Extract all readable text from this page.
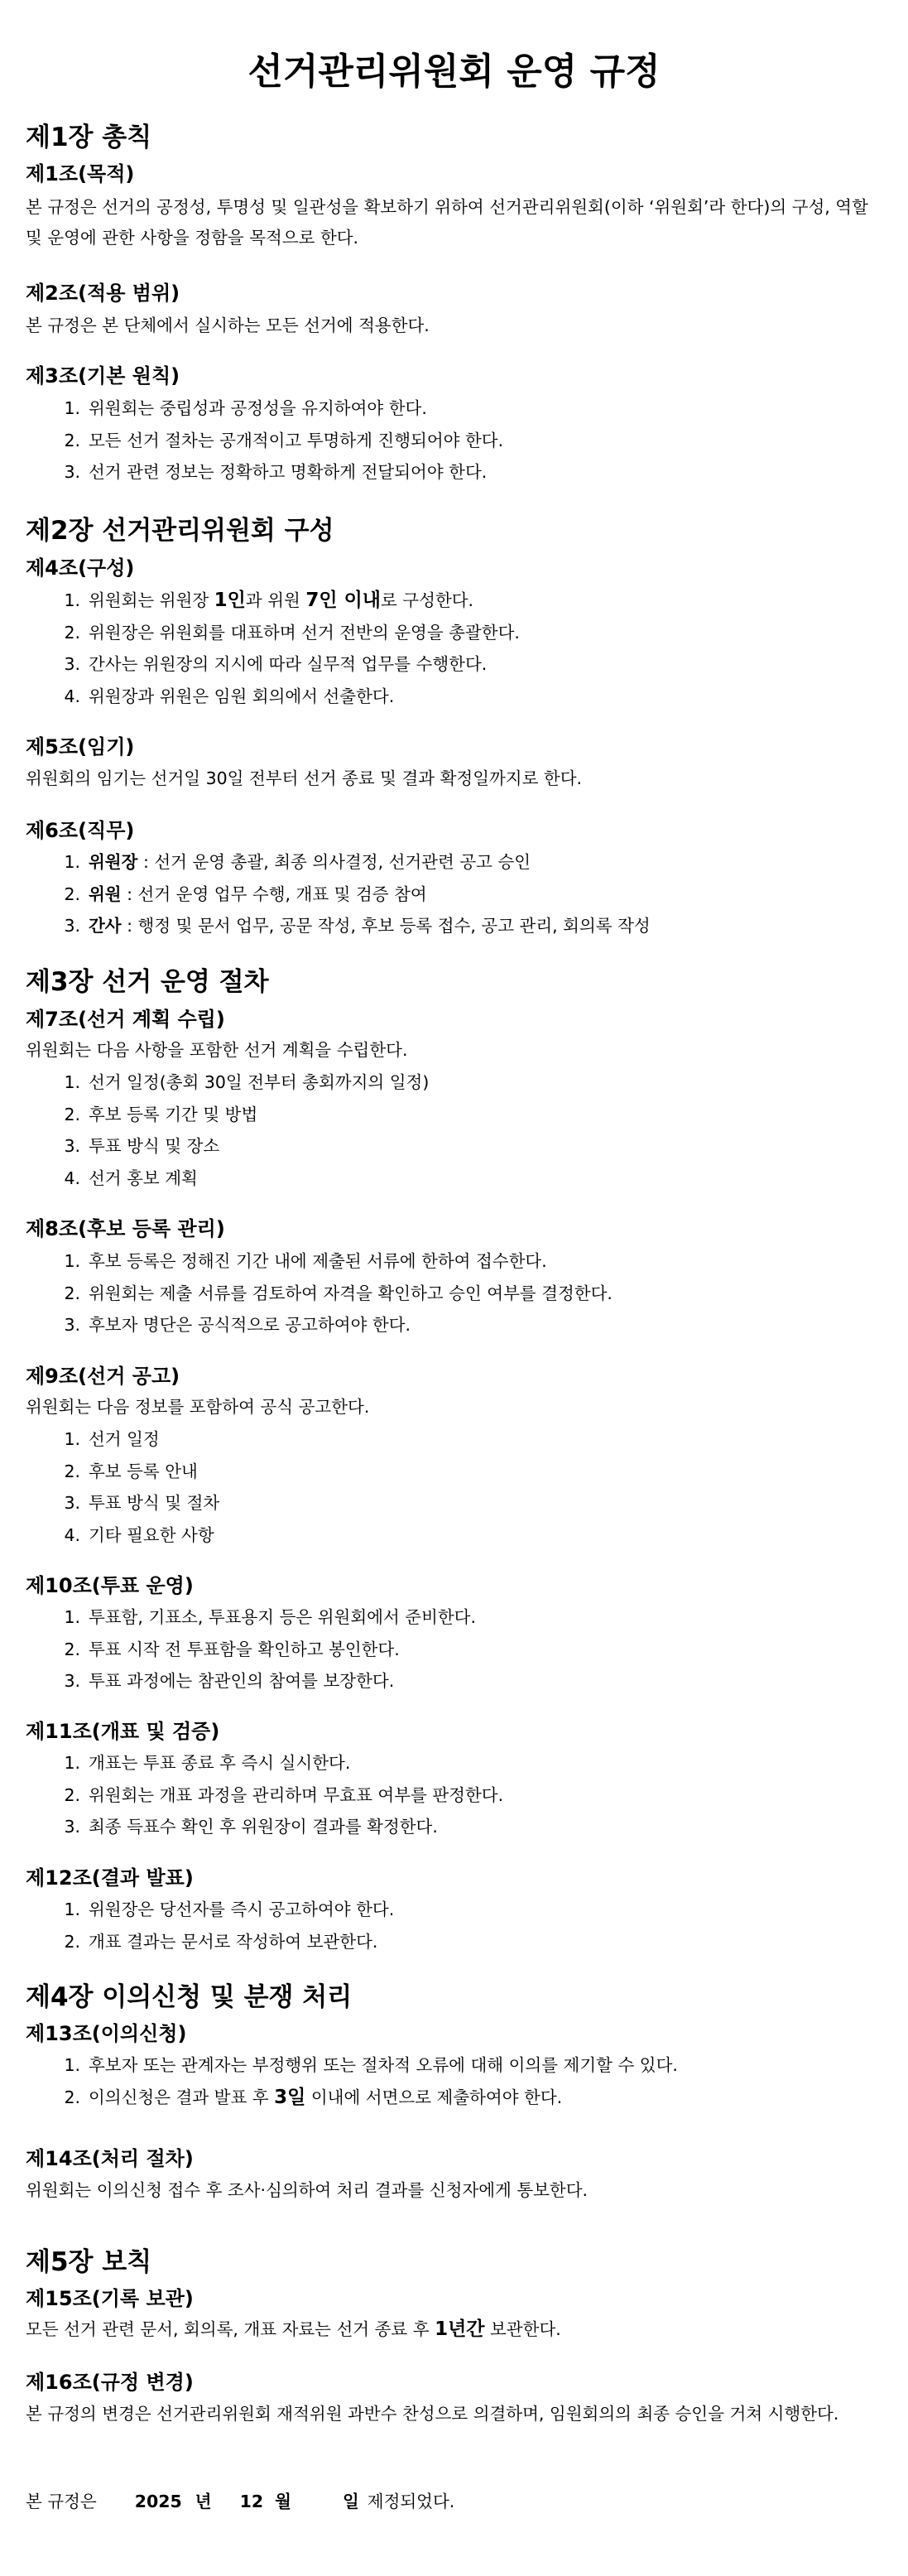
선거관리위원회 운영 규정
제1장 총칙
제1조(목적)

본 규정은 선거의 공정성, 투명성 및 일관성을 확보하기 위하여 선거관리위원회(이하 ‘위원회’라 한다)의 구성, 역할 및 운영에 관한 사항을 정함을 목적으로 한다.

제2조(적용 범위)

본 규정은 본 단체에서 실시하는 모든 선거에 적용한다.

제3조(기본 원칙)
1. 위원회는 중립성과 공정성을 유지하여야 한다.
2. 모든 선거 절차는 공개적이고 투명하게 진행되어야 한다.
3. 선거 관련 정보는 정확하고 명확하게 전달되어야 한다.
제2장 선거관리위원회 구성
제4조(구성)
1. 위원회는 위원장 1인과 위원 7인 이내로 구성한다.
2. 위원장은 위원회를 대표하며 선거 전반의 운영을 총괄한다.
3. 간사는 위원장의 지시에 따라 실무적 업무를 수행한다.
4. 위원장과 위원은 임원 회의에서 선출한다.
제5조(임기)

위원회의 임기는 선거일 30일 전부터 선거 종료 및 결과 확정일까지로 한다.

제6조(직무)
1. 위원장 : 선거 운영 총괄, 최종 의사결정, 선거관련 공고 승인
2. 위원 : 선거 운영 업무 수행, 개표 및 검증 참여
3. 간사 : 행정 및 문서 업무, 공문 작성, 후보 등록 접수, 공고 관리, 회의록 작성
제3장 선거 운영 절차
제7조(선거 계획 수립)

위원회는 다음 사항을 포함한 선거 계획을 수립한다.

1. 선거 일정(총회 30일 전부터 총회까지의 일정)
2. 후보 등록 기간 및 방법
3. 투표 방식 및 장소
4. 선거 홍보 계획
제8조(후보 등록 관리)
1. 후보 등록은 정해진 기간 내에 제출된 서류에 한하여 접수한다.
2. 위원회는 제출 서류를 검토하여 자격을 확인하고 승인 여부를 결정한다.
3. 후보자 명단은 공식적으로 공고하여야 한다.
제9조(선거 공고)

위원회는 다음 정보를 포함하여 공식 공고한다.

1. 선거 일정
2. 후보 등록 안내
3. 투표 방식 및 절차
4. 기타 필요한 사항
제10조(투표 운영)
1. 투표함, 기표소, 투표용지 등은 위원회에서 준비한다.
2. 투표 시작 전 투표함을 확인하고 봉인한다.
3. 투표 과정에는 참관인의 참여를 보장한다.
제11조(개표 및 검증)
1. 개표는 투표 종료 후 즉시 실시한다.
2. 위원회는 개표 과정을 관리하며 무효표 여부를 판정한다.
3. 최종 득표수 확인 후 위원장이 결과를 확정한다.
제12조(결과 발표)
1. 위원장은 당선자를 즉시 공고하여야 한다.
2. 개표 결과는 문서로 작성하여 보관한다.
제4장 이의신청 및 분쟁 처리
제13조(이의신청)
1. 후보자 또는 관계자는 부정행위 또는 절차적 오류에 대해 이의를 제기할 수 있다.
2. 이의신청은 결과 발표 후 3일 이내에 서면으로 제출하여야 한다.
제14조(처리 절차)

위원회는 이의신청 접수 후 조사·심의하여 처리 결과를 신청자에게 통보한다.

제5장 보칙
제15조(기록 보관)

모든 선거 관련 문서, 회의록, 개표 자료는 선거 종료 후 1년간 보관한다.

제16조(규정 변경)

본 규정의 변경은 선거관리위원회 재적위원 과반수 찬성으로 의결하며, 임원회의의 최종 승인을 거쳐 시행한다.

본 규정은 2025 년 12 월	일 제정되었다.
